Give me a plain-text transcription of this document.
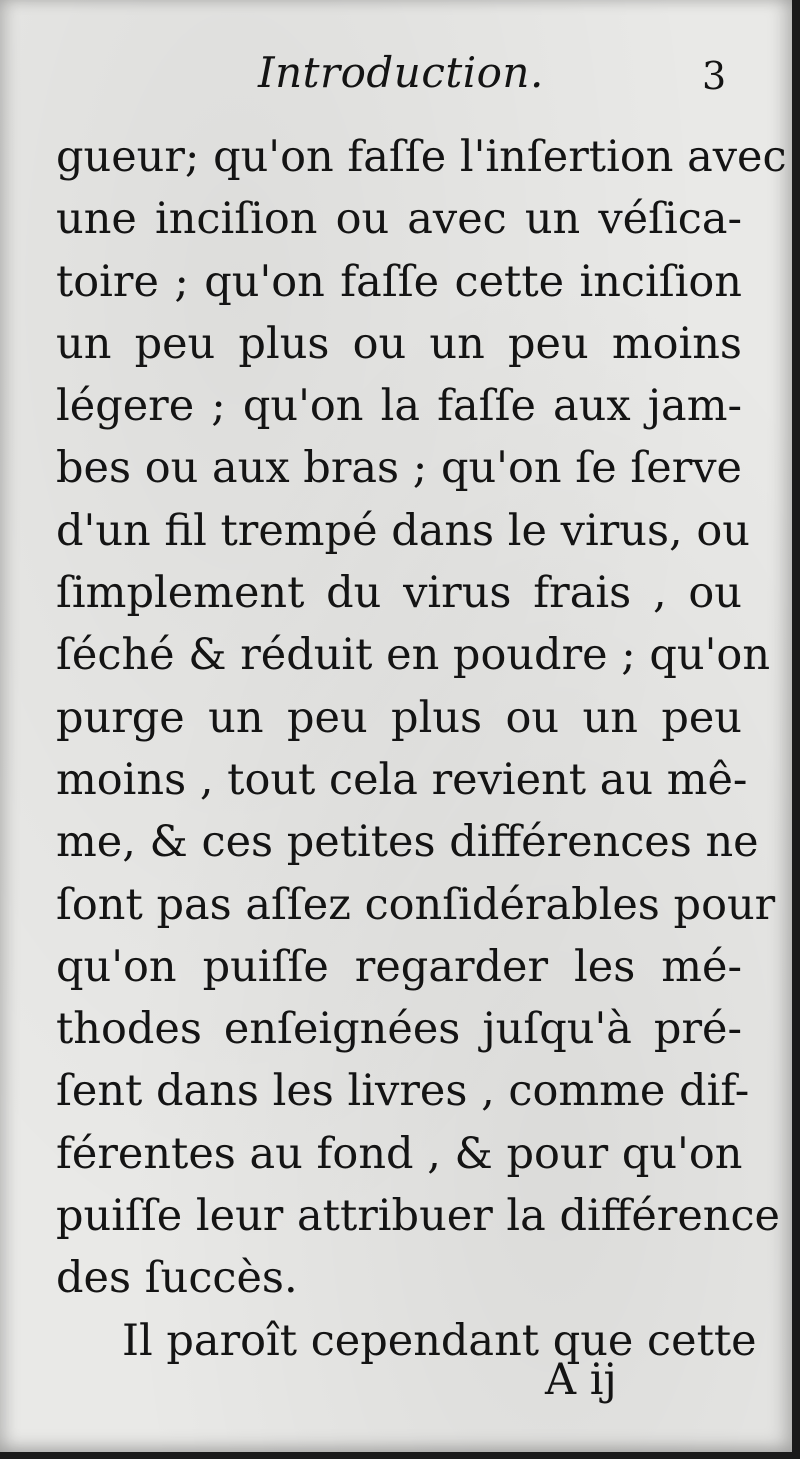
Introduction.	3
gueur; qu'on faſſe l'inſertion avec
une inciſion ou avec un véſica-
toire ; qu'on faſſe cette inciſion
un peu plus ou un peu moins
légere ; qu'on la faſſe aux jam-
bes ou aux bras ; qu'on ſe ſerve
d'un fil trempé dans le virus, ou
ſimplement du virus frais , ou
ſéché & réduit en poudre ; qu'on
purge un peu plus ou un peu
moins , tout cela revient au mê-
me, & ces petites différences ne
ſont pas aſſez conſidérables pour
qu'on puiſſe regarder les mé-
thodes enſeignées juſqu'à pré-
ſent dans les livres , comme dif-
férentes au fond , & pour qu'on
puiſſe leur attribuer la différence
des ſuccès.
Il paroît cependant que cette
A ij
